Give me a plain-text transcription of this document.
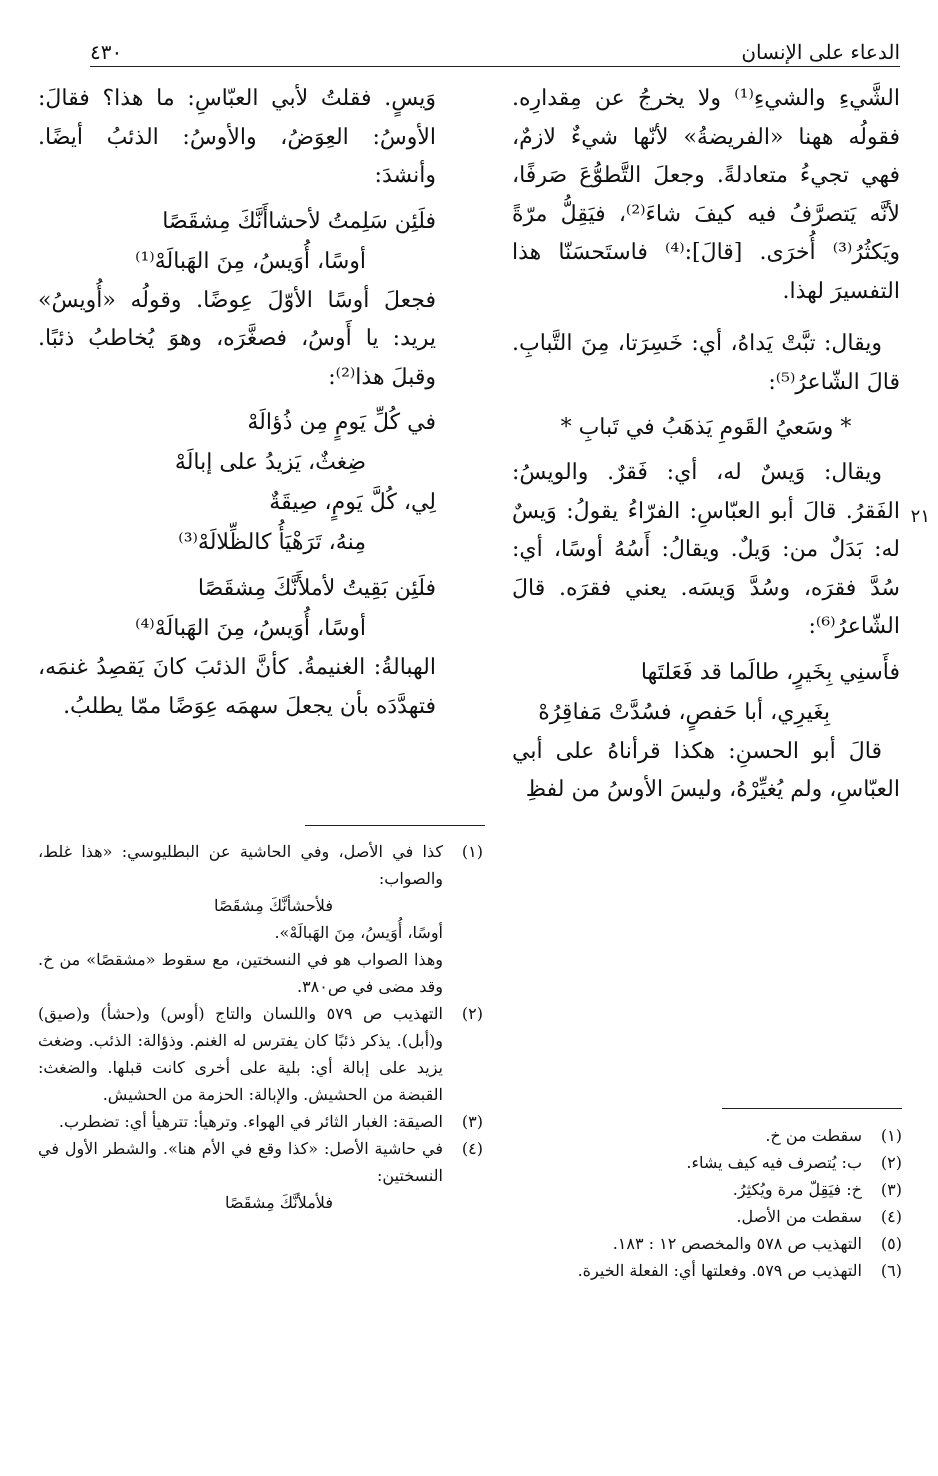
الدعاء على الإنسان
٤٣٠

الشَّيءِ والشيءِ⁽¹⁾ ولا يخرجُ عن مِقدارِه. فقولُه ههنا «الفريضةُ» لأنّها شيءٌ لازمٌ، فهي تجيءُ متعادلةً. وجعلَ التَّطوُّعَ صَرفًا، لأنَّه يَتصرَّفُ فيه كيفَ شاءَ⁽²⁾، فيَقِلُّ مرّةً ويَكثُرُ⁽³⁾ أُخرَى. [قالَ]:⁽⁴⁾ فاستَحسَنّا هذا التفسيرَ لهذا.

ويقال: تبَّتْ يَداهُ، أي: خَسِرَتا، مِنَ التَّبابِ. قالَ الشّاعرُ⁽⁵⁾:

* وسَعيُ القَومِ يَذهَبُ في تَبابِ *

ويقال: وَيسٌ له، أي: فَقرٌ. والويسُ: الفَقرُ. قالَ أبو العبّاسِ: الفرّاءُ يقولُ: وَيسٌ له: بَدَلٌ من: وَيلٌ. ويقالُ: أَسُهُ أوسًا، أي: سُدَّ فقرَه، وسُدَّ وَيسَه. يعني فقرَه. قالَ الشّاعرُ⁽⁶⁾:

فأَسنِي بِخَيرٍ، طالَما قد فَعَلتَها

بِغَيرِي، أبا حَفصٍ، فسُدَّتْ مَفاقِرُهْ

قالَ أبو الحسنِ: هكذا قرأناهُ على أبي العبّاسِ، ولم يُغيِّرْهُ، وليسَ الأوسُ من لفظِ

٢١

وَيسٍ. فقلتُ لأبي العبّاسِ: ما هذا؟ فقالَ: الأوسُ: العِوَضُ، والأوسُ: الذئبُ أيضًا. وأنشدَ:

فلَئِن سَلِمتُ لأحشاأَنَّكَ مِشقَصًا

أوسًا، أُوَيسُ، مِنَ الهَبالَهْ⁽¹⁾

فجعلَ أوسًا الأوّلَ عِوضًا. وقولُه «أُويسُ» يريد: يا أَوسُ، فصغَّرَه، وهوَ يُخاطبُ ذئبًا. وقبلَ هذا⁽²⁾:

في كُلِّ يَومٍ مِن ذُؤالَهْ

ضِغثٌ، يَزيدُ على إبالَهْ

لِي، كُلَّ يَومٍ، صِيقَةٌ

مِنهُ، تَرَهْيَأُ كالظِّلالَهْ⁽³⁾

فلَئِن بَقِيتُ لأملأَنَّكَ مِشقَصًا

أوسًا، أُوَيسُ، مِنَ الهَبالَهْ⁽⁴⁾

الهبالةُ: الغنيمةُ. كأنَّ الذئبَ كانَ يَقصِدُ غنمَه، فتهدَّدَه بأن يجعلَ سهمَه عِوَضًا ممّا يطلبُ.

(١)
كذا في الأصل، وفي الحاشية عن البطليوسي: «هذا غلط، والصواب:
فلأحشأنَّكَ مِشقَصًا
أوسًا، أُوَيسُ، مِنَ الهَبالَهْ».
وهذا الصواب هو في النسختين، مع سقوط «مشقصًا» من خ. وقد مضى في ص٣٨٠.
(٢)
التهذيب ص ٥٧٩ واللسان والتاج (أوس) و(حشأ) و(صيق) و(أبل). يذكر ذئبًا كان يفترس له الغنم. وذؤالة: الذئب. وضغث يزيد على إبالة أي: بلية على أخرى كانت قبلها. والضغث: القبضة من الحشيش. والإبالة: الحزمة من الحشيش.
(٣)
الصيقة: الغبار الثائر في الهواء. وترهيأ: تترهيأ أي: تضطرب.
(٤)
في حاشية الأصل: «كذا وقع في الأم هنا». والشطر الأول في النسختين:
فلأملأنَّكَ مِشقَصًا
(١)
سقطت من خ.
(٢)
ب: يُتصرف فيه كيف يشاء.
(٣)
خ: فيَقِلّ مرة ويُكثِرُ.
(٤)
سقطت من الأصل.
(٥)
التهذيب ص ٥٧٨ والمخصص ١٢ : ١٨٣.
(٦)
التهذيب ص ٥٧٩. وفعلتها أي: الفعلة الخيرة.
